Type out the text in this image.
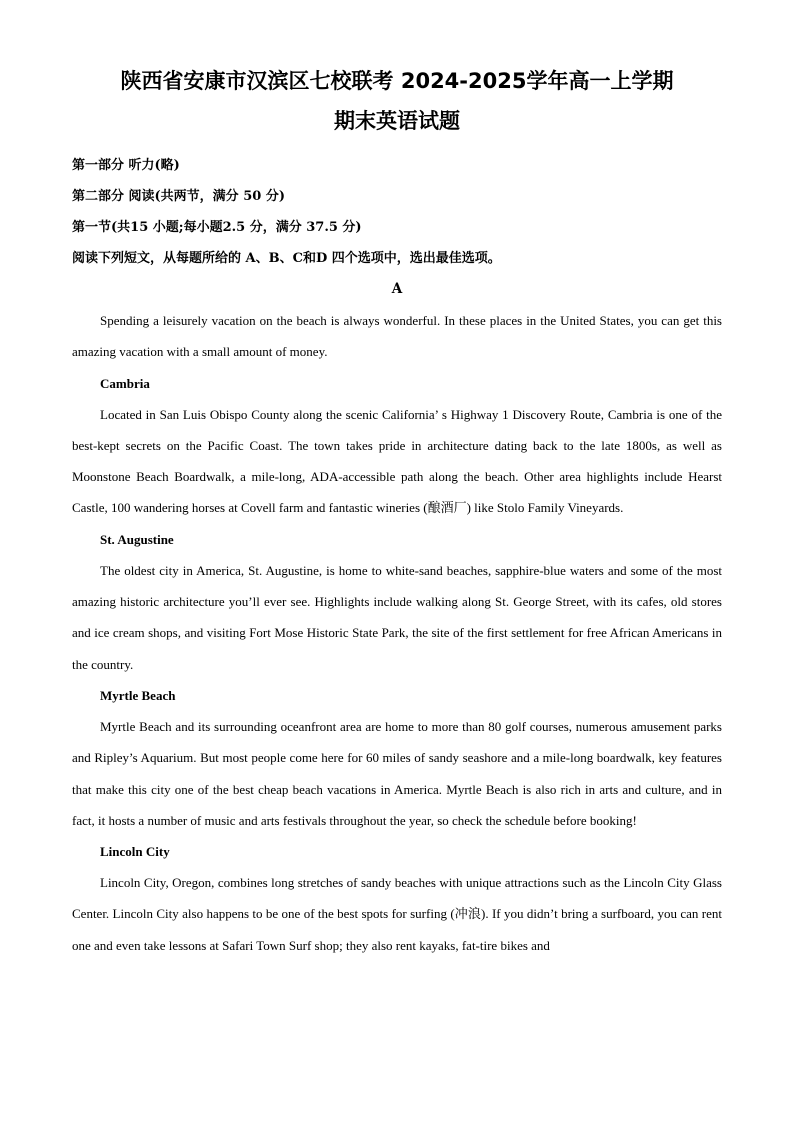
陕西省安康市汉滨区七校联考 2024-2025学年高一上学期
期末英语试题

第一部分 听力(略)

第二部分 阅读(共两节，满分 50 分)

第一节(共15 小题;每小题2.5 分，满分 37.5 分)

阅读下列短文，从每题所给的 A、B、C和D 四个选项中，选出最佳选项。

A

Spending a leisurely vacation on the beach is always wonderful. In these places in the United States, you can get this amazing vacation with a small amount of money.

Cambria

Located in San Luis Obispo County along the scenic California’ s Highway 1 Discovery Route, Cambria is one of the best-kept secrets on the Pacific Coast. The town takes pride in architecture dating back to the late 1800s, as well as Moonstone Beach Boardwalk, a mile-long, ADA-accessible path along the beach. Other area highlights include Hearst Castle, 100 wandering horses at Covell farm and fantastic wineries (酿酒厂) like Stolo Family Vineyards.

St. Augustine

The oldest city in America, St. Augustine, is home to white-sand beaches, sapphire-blue waters and some of the most amazing historic architecture you’ll ever see. Highlights include walking along St. George Street, with its cafes, old stores and ice cream shops, and visiting Fort Mose Historic State Park, the site of the first settlement for free African Americans in the country.

Myrtle Beach

Myrtle Beach and its surrounding oceanfront area are home to more than 80 golf courses, numerous amusement parks and Ripley’s Aquarium. But most people come here for 60 miles of sandy seashore and a mile-long boardwalk, key features that make this city one of the best cheap beach vacations in America. Myrtle Beach is also rich in arts and culture, and in fact, it hosts a number of music and arts festivals throughout the year, so check the schedule before booking!

Lincoln City

Lincoln City, Oregon, combines long stretches of sandy beaches with unique attractions such as the Lincoln City Glass Center. Lincoln City also happens to be one of the best spots for surfing (冲浪). If you didn’t bring a surfboard, you can rent one and even take lessons at Safari Town Surf shop; they also rent kayaks, fat-tire bikes and
